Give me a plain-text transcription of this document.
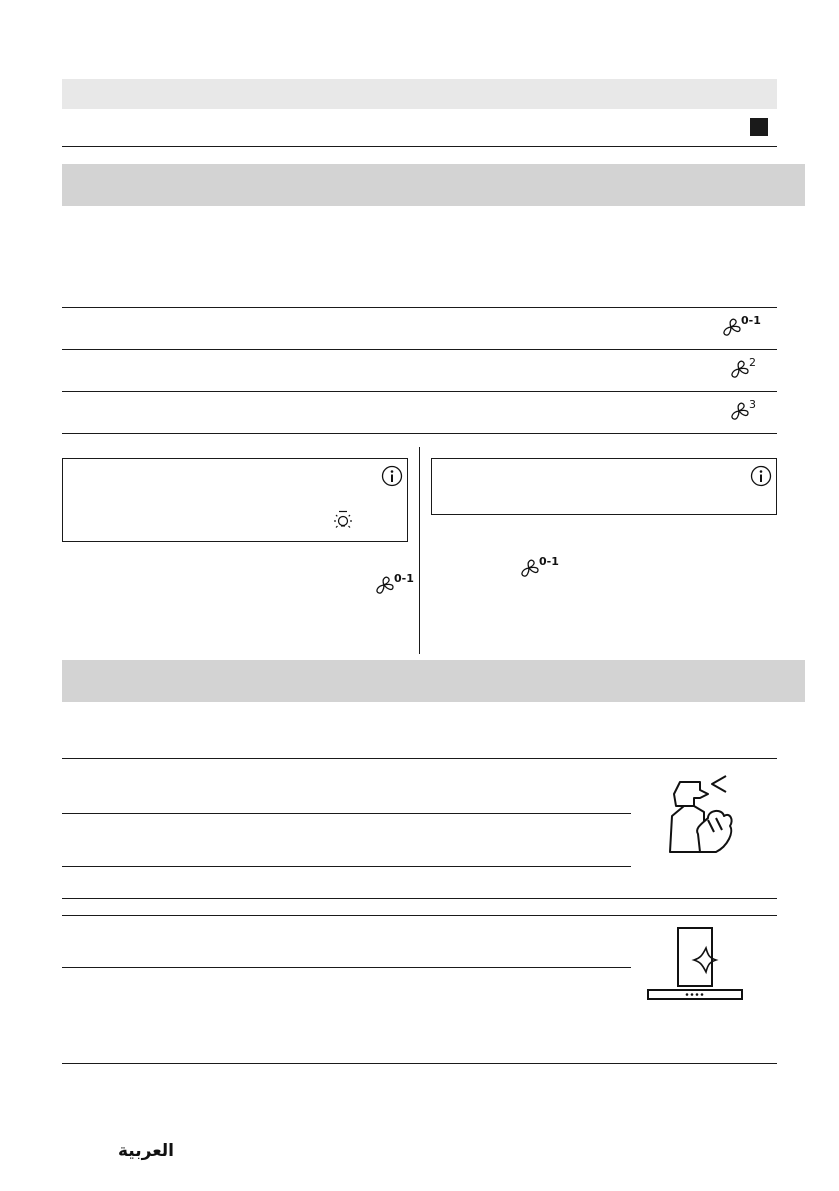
0-1
2
3
0-1
0-1
العربية
